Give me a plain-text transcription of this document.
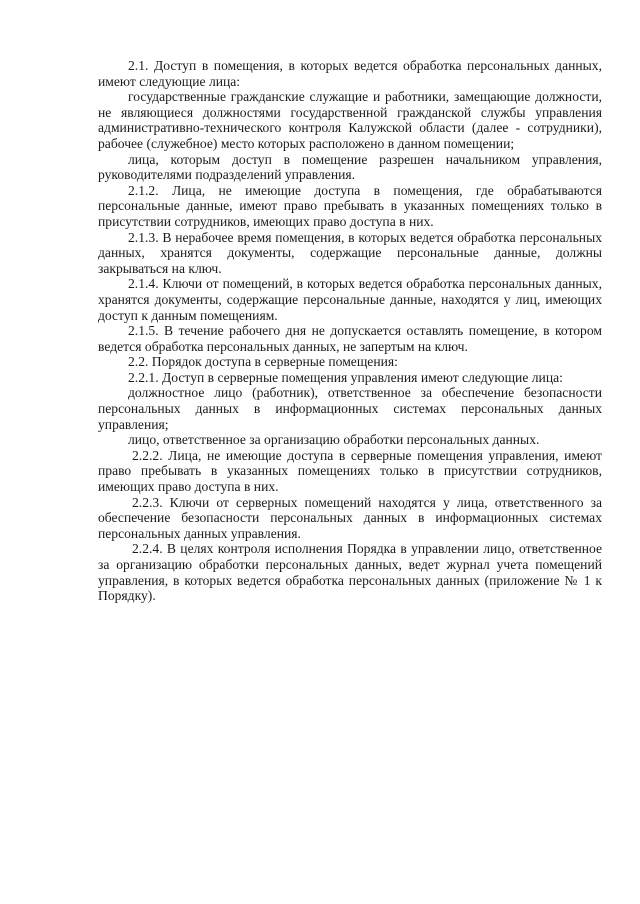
2.1. Доступ в помещения, в которых ведется обработка персональных данных, имеют следующие лица:

государственные гражданские служащие и работники, замещающие должности, не являющиеся должностями государственной гражданской службы управления административно-технического контроля Калужской области (далее - сотрудники), рабочее (служебное) место которых расположено в данном помещении;

лица, которым доступ в помещение разрешен начальником управления, руководителями подразделений управления.

2.1.2. Лица, не имеющие доступа в помещения, где обрабатываются персональные данные, имеют право пребывать в указанных помещениях только в присутствии сотрудников, имеющих право доступа в них.

2.1.3. В нерабочее время помещения, в которых ведется обработка персональных данных, хранятся документы, содержащие персональные данные, должны закрываться на ключ.

2.1.4. Ключи от помещений, в которых ведется обработка персональных данных, хранятся документы, содержащие персональные данные, находятся у лиц, имеющих доступ к данным помещениям.

2.1.5. В течение рабочего дня не допускается оставлять помещение, в котором ведется обработка персональных данных, не запертым на ключ.

2.2. Порядок доступа в серверные помещения:

2.2.1. Доступ в серверные помещения управления имеют следующие лица:

должностное лицо (работник), ответственное за обеспечение безопасности персональных данных в информационных системах персональных данных управления;

лицо, ответственное за организацию обработки персональных данных.

2.2.2. Лица, не имеющие доступа в серверные помещения управления, имеют право пребывать в указанных помещениях только в присутствии сотрудников, имеющих право доступа в них.

2.2.3. Ключи от серверных помещений находятся у лица, ответственного за обеспечение безопасности персональных данных в информационных системах персональных данных управления.

2.2.4. В целях контроля исполнения Порядка в управлении лицо, ответственное за организацию обработки персональных данных, ведет журнал учета помещений управления, в которых ведется обработка персональных данных (приложение № 1 к Порядку).
